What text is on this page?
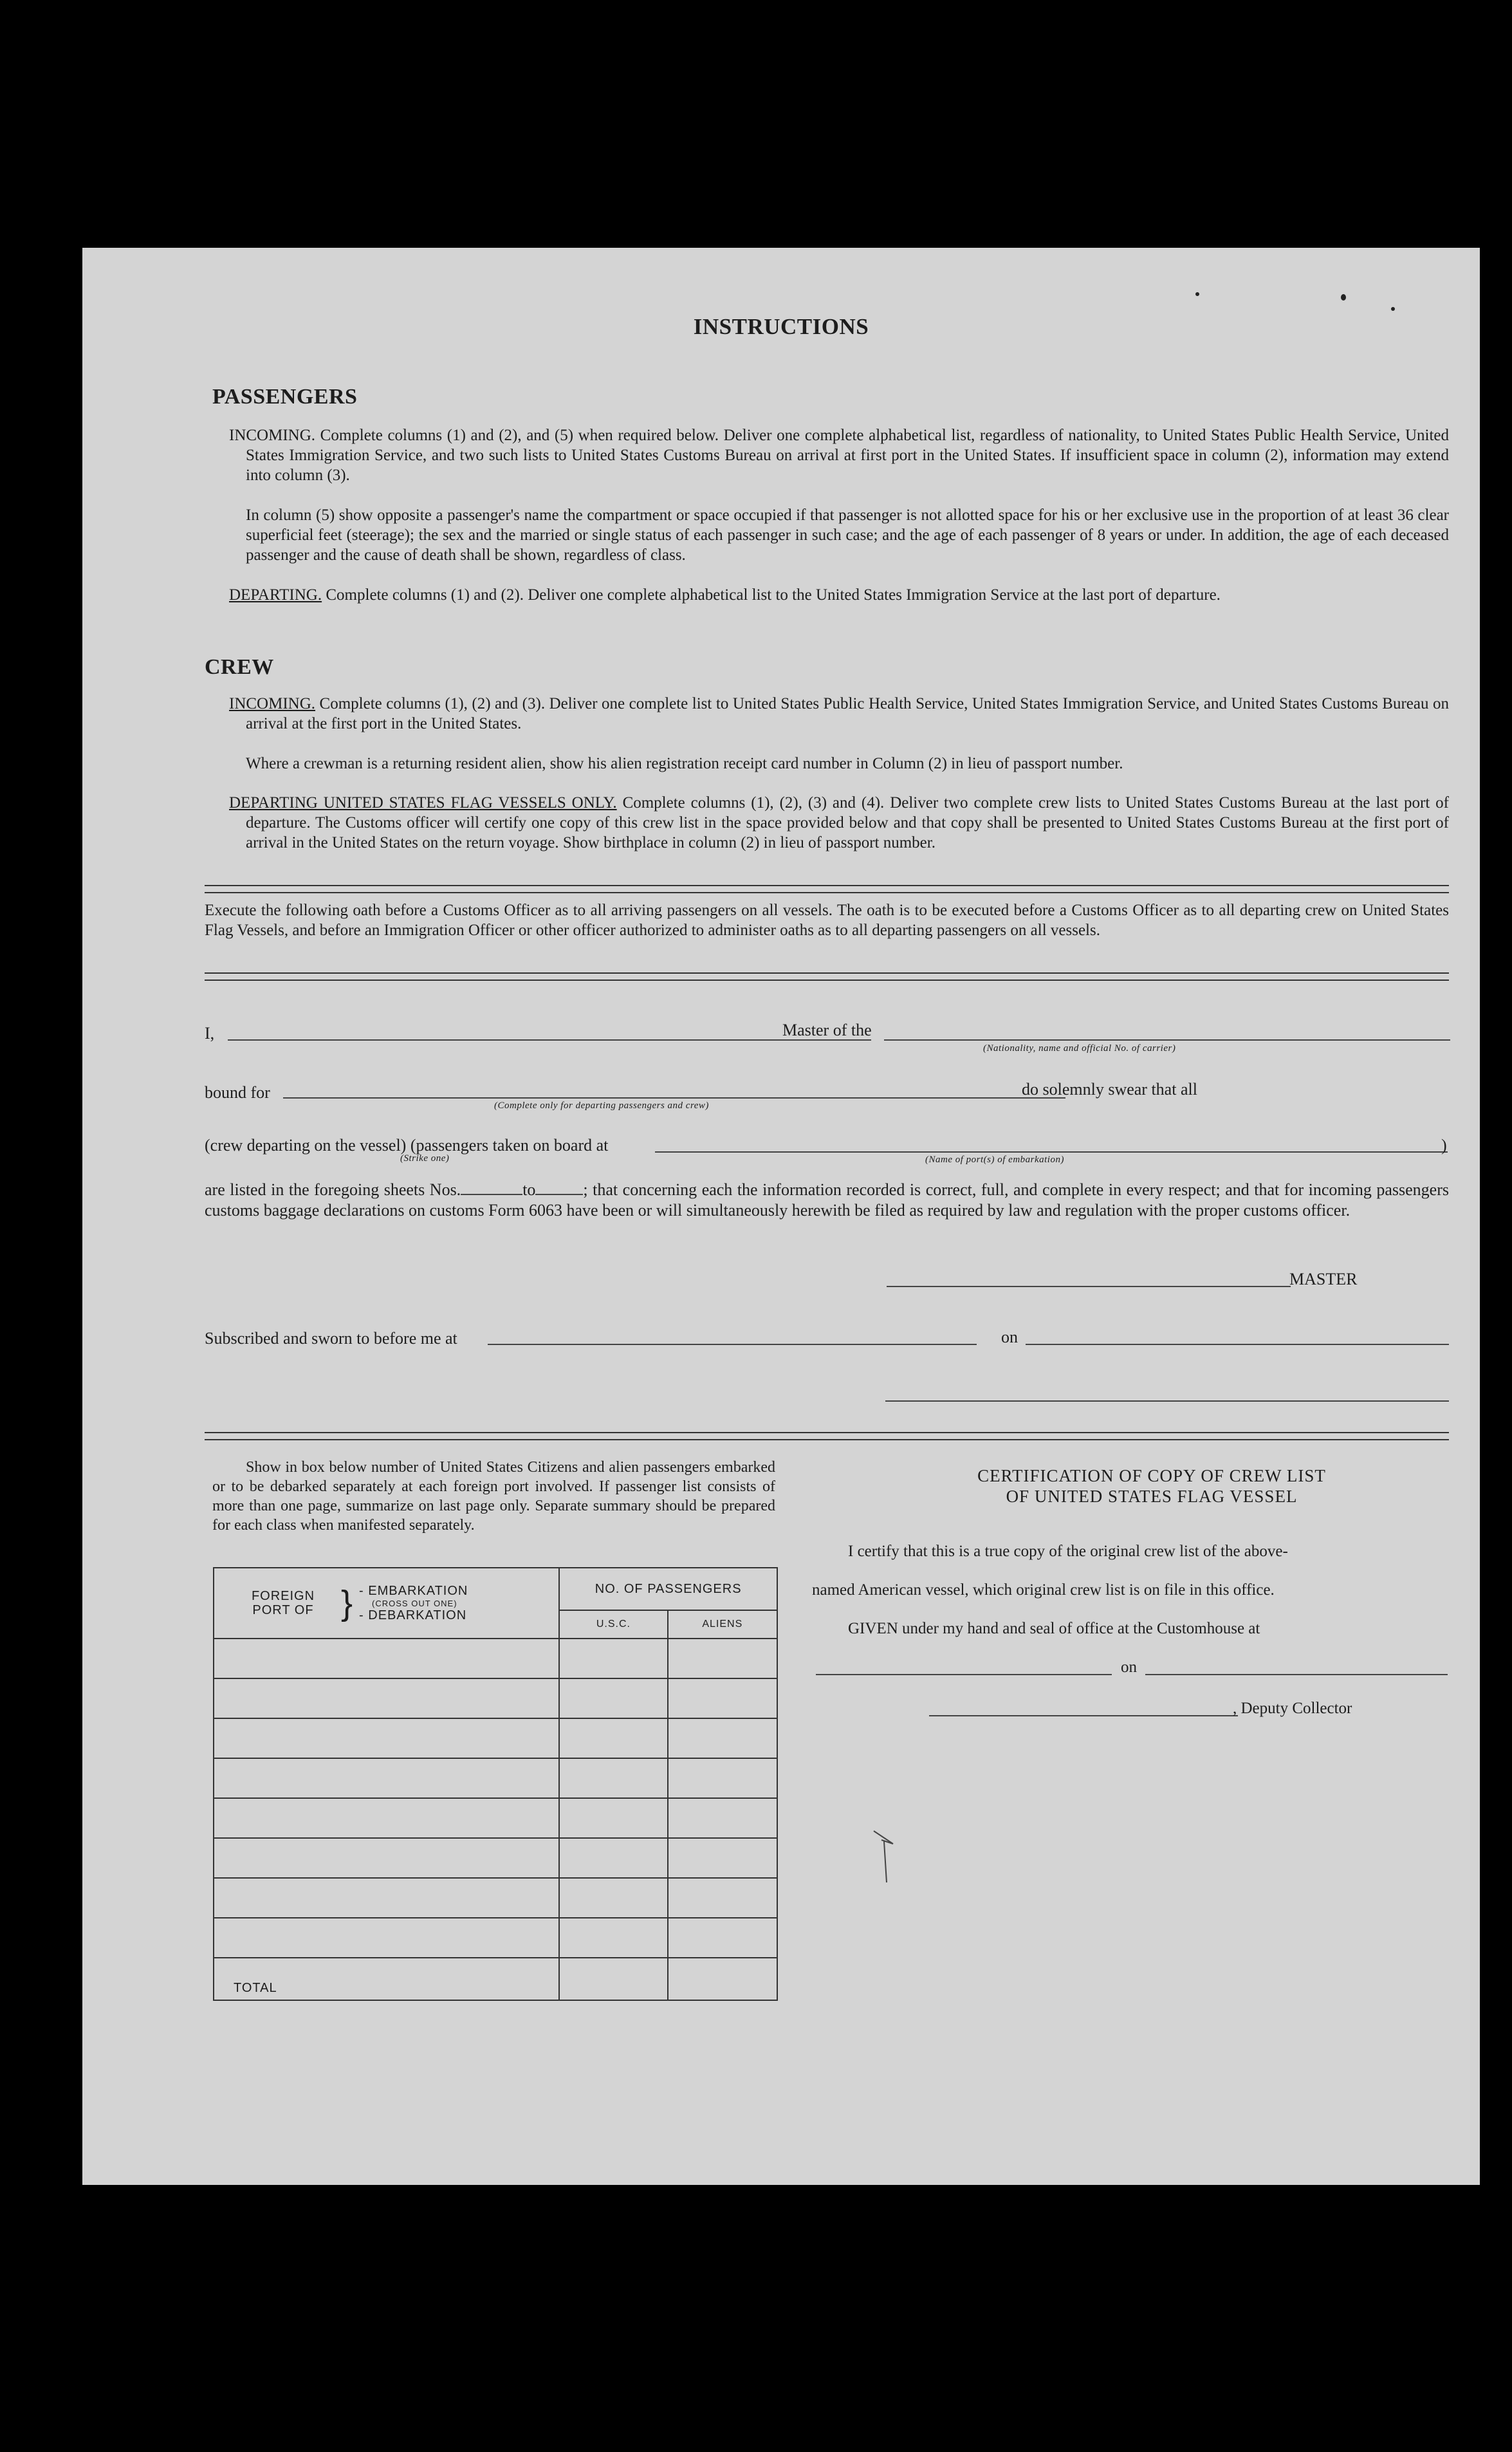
INSTRUCTIONS
PASSENGERS
INCOMING. Complete columns (1) and (2), and (5) when required below. Deliver one complete alphabetical list, regardless of nationality, to United States Public Health Service, United States Immigration Service, and two such lists to United States Customs Bureau on arrival at first port in the United States. If insufficient space in column (2), information may extend into column (3).
In column (5) show opposite a passenger's name the compartment or space occupied if that passenger is not allotted space for his or her exclusive use in the proportion of at least 36 clear superficial feet (steerage); the sex and the married or single status of each passenger in such case; and the age of each passenger of 8 years or under. In addition, the age of each deceased passenger and the cause of death shall be shown, regardless of class.
DEPARTING. Complete columns (1) and (2). Deliver one complete alphabetical list to the United States Immigration Service at the last port of departure.
CREW
INCOMING. Complete columns (1), (2) and (3). Deliver one complete list to United States Public Health Service, United States Immigration Service, and United States Customs Bureau on arrival at the first port in the United States.
Where a crewman is a returning resident alien, show his alien registration receipt card number in Column (2) in lieu of passport number.
DEPARTING UNITED STATES FLAG VESSELS ONLY. Complete columns (1), (2), (3) and (4). Deliver two complete crew lists to United States Customs Bureau at the last port of departure. The Customs officer will certify one copy of this crew list in the space provided below and that copy shall be presented to United States Customs Bureau at the first port of arrival in the United States on the return voyage. Show birthplace in column (2) in lieu of passport number.
Execute the following oath before a Customs Officer as to all arriving passengers on all vessels. The oath is to be executed before a Customs Officer as to all departing crew on United States Flag Vessels, and before an Immigration Officer or other officer authorized to administer oaths as to all departing passengers on all vessels.
I,	Master of the
(Nationality, name and official No. of carrier)
bound for
(Complete only for departing passengers and crew)
do solemnly swear that all
(crew departing on the vessel) (passengers taken on board at
(Strike one)
)
(Name of port(s) of embarkation)
are listed in the foregoing sheets Nos.	to	; that concerning each the information recorded is correct, full, and complete in every respect; and that for incoming passengers customs baggage declarations on customs Form 6063 have been or will simultaneously herewith be filed as required by law and regulation with the proper customs officer.
MASTER
Subscribed and sworn to before me at	on
Show in box below number of United States Citizens and alien passengers embarked or to be debarked separately at each foreign port involved. If passenger list consists of more than one page, summarize on last page only. Separate summary should be prepared for each class when manifested separately.
FOREIGN PORT OF } - EMBARKATION
(CROSS OUT ONE)
- DEBARKATION	NO. OF PASSENGERS	
	U.S.C.	ALIENS

TOTAL		
CERTIFICATION OF COPY OF CREW LIST
OF UNITED STATES FLAG VESSEL
I certify that this is a true copy of the original crew list of the above-
named American vessel, which original crew list is on file in this office.
GIVEN under my hand and seal of office at the Customhouse at
on
, Deputy Collector
